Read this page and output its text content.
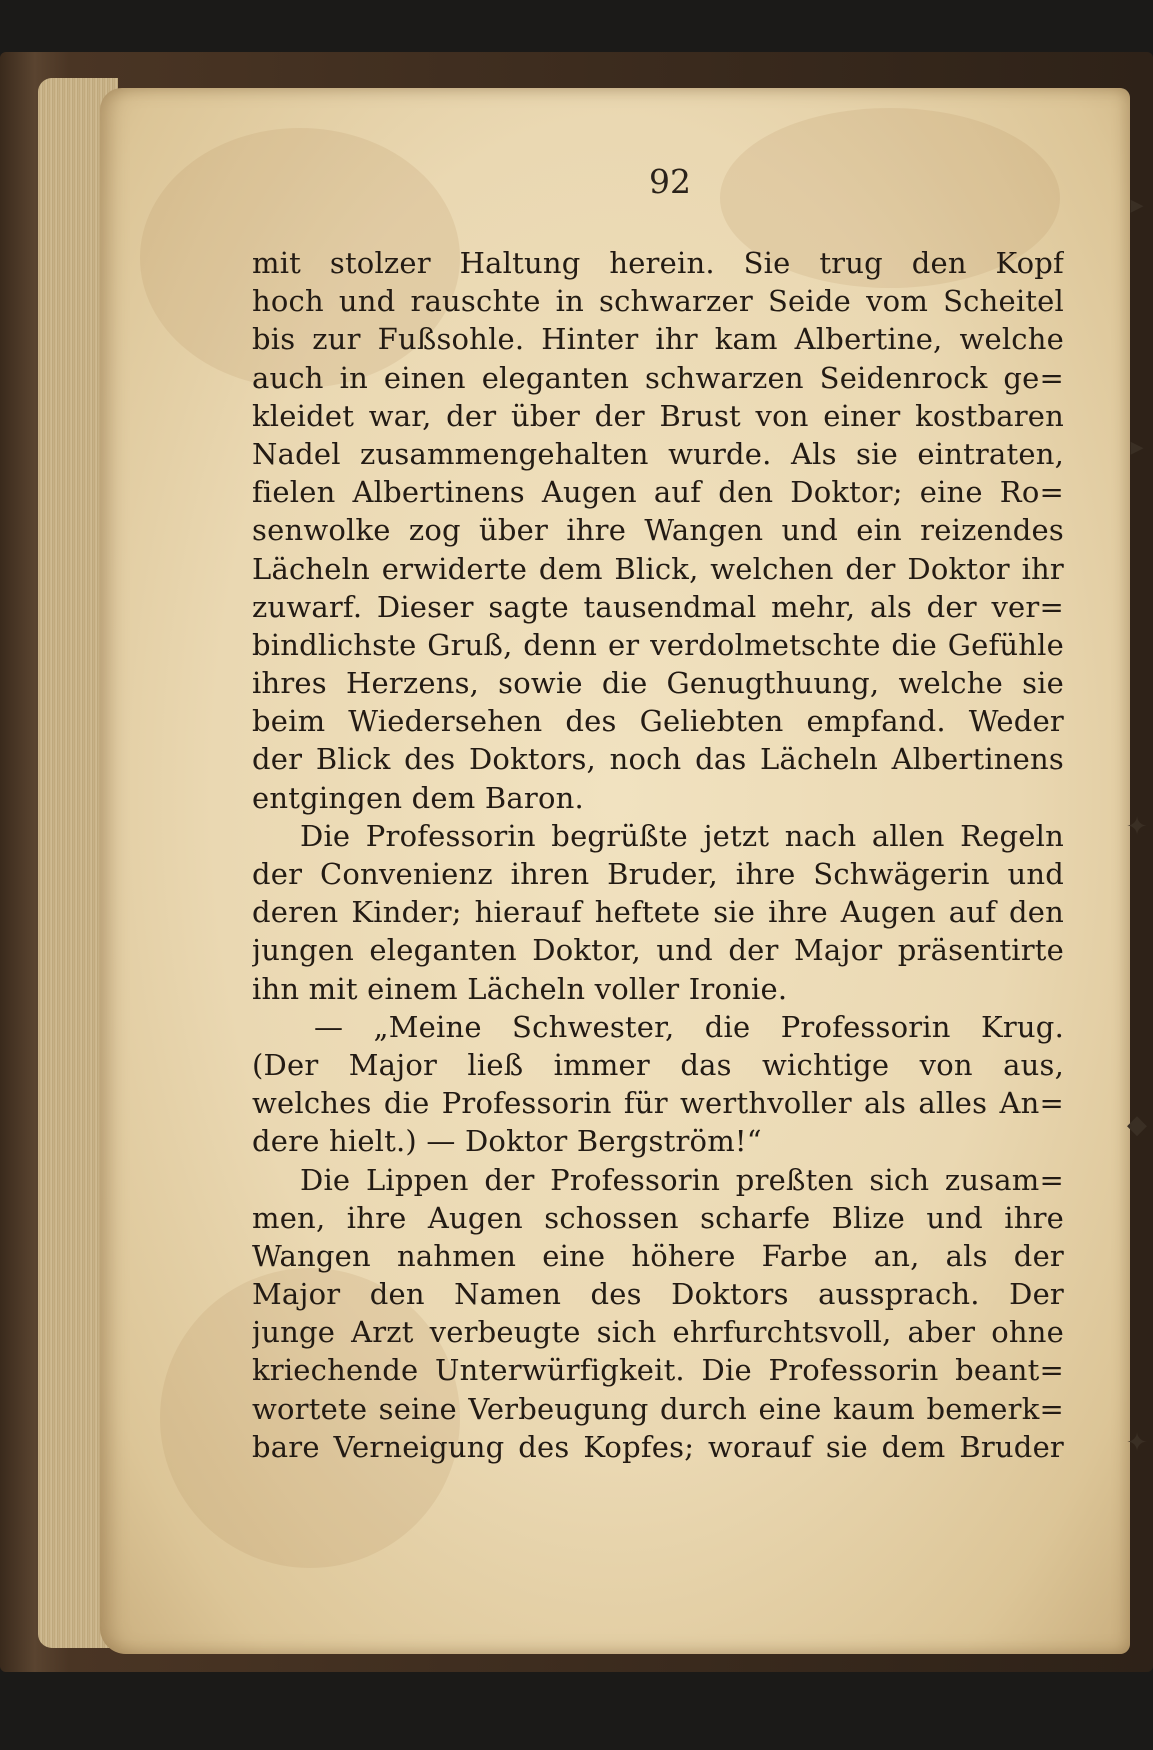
▸
▸
✦
◆
✦
92
mit stolzer Haltung herein. Sie trug den Kopf
hoch und rauschte in schwarzer Seide vom Scheitel
bis zur Fußsohle. Hinter ihr kam Albertine, welche
auch in einen eleganten schwarzen Seidenrock ge=
kleidet war, der über der Brust von einer kostbaren
Nadel zusammengehalten wurde. Als sie eintraten,
fielen Albertinens Augen auf den Doktor; eine Ro=
senwolke zog über ihre Wangen und ein reizendes
Lächeln erwiderte dem Blick, welchen der Doktor ihr
zuwarf. Dieser sagte tausendmal mehr, als der ver=
bindlichste Gruß, denn er verdolmetschte die Gefühle
ihres Herzens, sowie die Genugthuung, welche sie
beim Wiedersehen des Geliebten empfand. Weder
der Blick des Doktors, noch das Lächeln Albertinens
entgingen dem Baron.
Die Professorin begrüßte jetzt nach allen Regeln
der Convenienz ihren Bruder, ihre Schwägerin und
deren Kinder; hierauf heftete sie ihre Augen auf den
jungen eleganten Doktor, und der Major präsentirte
ihn mit einem Lächeln voller Ironie.
— „Meine Schwester, die Professorin Krug.
(Der Major ließ immer das wichtige von aus,
welches die Professorin für werthvoller als alles An=
dere hielt.) — Doktor Bergström!“
Die Lippen der Professorin preßten sich zusam=
men, ihre Augen schossen scharfe Blize und ihre
Wangen nahmen eine höhere Farbe an, als der
Major den Namen des Doktors aussprach. Der
junge Arzt verbeugte sich ehrfurchtsvoll, aber ohne
kriechende Unterwürfigkeit. Die Professorin beant=
wortete seine Verbeugung durch eine kaum bemerk=
bare Verneigung des Kopfes; worauf sie dem Bruder
